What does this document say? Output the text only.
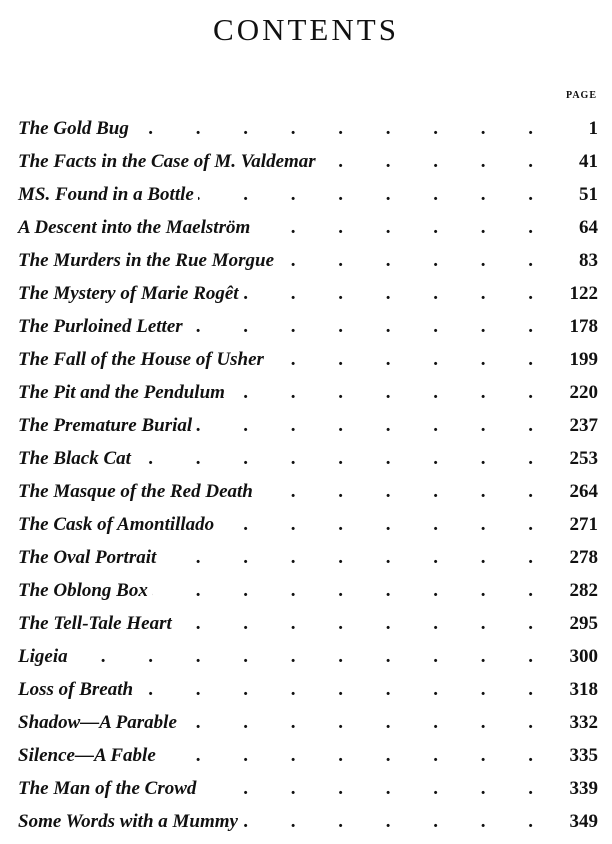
CONTENTS
PAGE
The Gold Bug . . .	1
The Facts in the Case of M. Valdemar . . .	41
MS. Found in a Bottle . . .	51
A Descent into the Maelström . . .	64
The Murders in the Rue Morgue . . .	83
The Mystery of Marie Rogêt . . .	122
The Purloined Letter . . .	178
The Fall of the House of Usher . . .	199
The Pit and the Pendulum . . .	220
The Premature Burial . . .	237
The Black Cat . . .	253
The Masque of the Red Death . . .	264
The Cask of Amontillado . . .	271
The Oval Portrait . . .	278
The Oblong Box . . .	282
The Tell-Tale Heart . . .	295
Ligeia . . .	300
Loss of Breath . . .	318
Shadow—A Parable . . .	332
Silence—A Fable . . .	335
The Man of the Crowd . . .	339
Some Words with a Mummy . . .	349
